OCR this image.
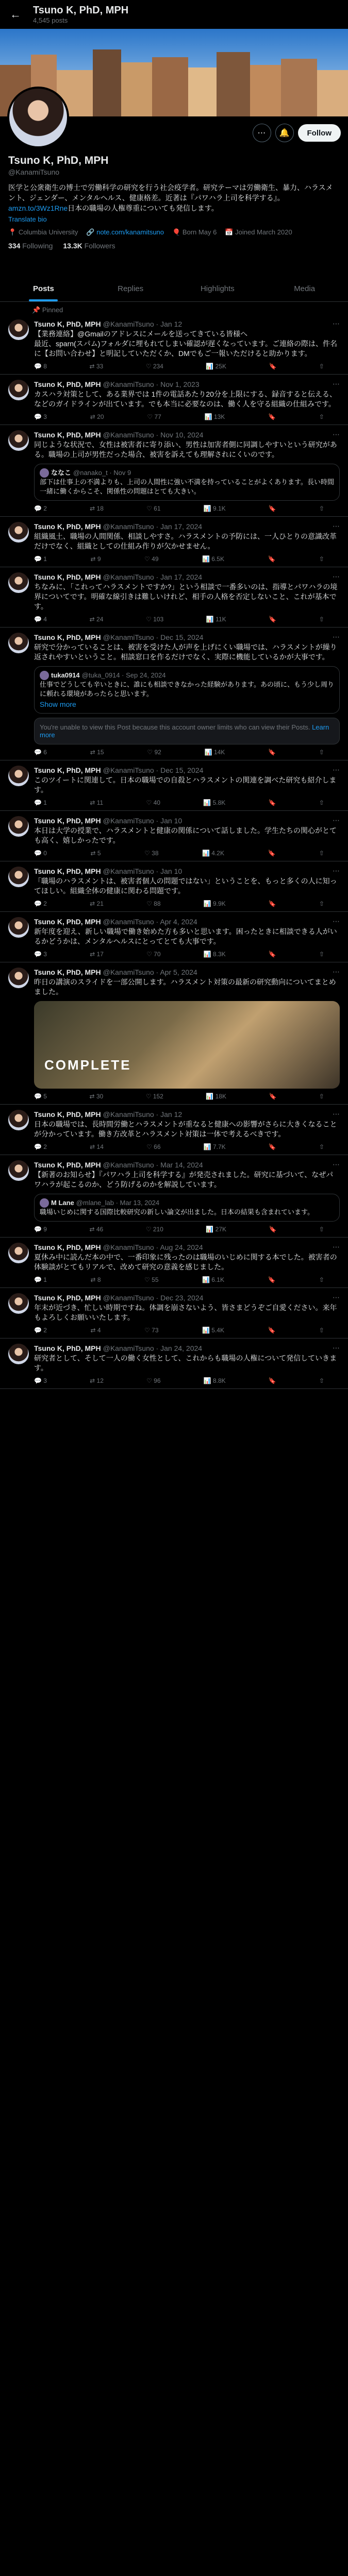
←	Tsuno K, PhD, MPH
4,545 posts
⋯	🔔	Follow
Tsuno K, PhD, MPH
@KanamiTsuno
医学と公衆衛生の博士で労働科学の研究を行う社会疫学者。研究テーマは労働衛生、暴力、ハラスメント、ジェンダー、メンタルヘルス、健康格差。近著は『パワハラ上司を科学する』。amzn.to/3Wz1Rne日本の職場の人権尊重についても発信します。
Translate bio
📍 Columbia University 🔗 note.com/kanamitsuno 🎈 Born May 6 📅 Joined March 2020
334 Following 13.3K Followers
Posts	Replies	Highlights	Media
📌 Pinned
Tsuno K, PhD, MPH @KanamiTsuno · Jan 12	⋯
【業務連絡】@Gmailのアドレスにメールを送ってきている皆様へ
最近、sparn(スパム)フォルダに埋もれてしまい確認が遅くなっています。ご連絡の際は、件名に【お問い合わせ】と明記していただくか、DMでもご一報いただけると助かります。
💬 8	⇄ 33	♡ 234	📊 25K	🔖	⇧
Tsuno K, PhD, MPH @KanamiTsuno · Nov 1, 2023	⋯
カスハラ対策として、ある業界では 1件の電話あたり20分を上限にする、録音すると伝える、などのガイドラインが出ています。でも本当に必要なのは、働く人を守る組織の仕組みです。
💬 3	⇄ 20	♡ 77	📊 13K	🔖	⇧
Tsuno K, PhD, MPH @KanamiTsuno · Nov 10, 2024	⋯
同じような状況で、女性は被害者に寄り添い、男性は加害者側に同調しやすいという研究がある。職場の上司が男性だった場合、被害を訴えても理解されにくいのです。
ななこ @nanako_t · Nov 9
部下は仕事上の不満よりも、上司の人間性に強い不満を持っていることがよくあります。長い時間一緒に働くからこそ、関係性の問題はとても大きい。
💬 2	⇄ 18	♡ 61	📊 9.1K	🔖	⇧
Tsuno K, PhD, MPH @KanamiTsuno · Jan 17, 2024	⋯
組織風土、職場の人間関係、相談しやすさ。ハラスメントの予防には、一人ひとりの意識改革だけでなく、組織としての仕組み作りが欠かせません。
💬 1	⇄ 9	♡ 49	📊 6.5K	🔖	⇧
Tsuno K, PhD, MPH @KanamiTsuno · Jan 17, 2024	⋯
ちなみに、「これってハラスメントですか?」という相談で一番多いのは、指導とパワハラの境界についてです。明確な線引きは難しいけれど、相手の人格を否定しないこと、これが基本です。
💬 4	⇄ 24	♡ 103	📊 11K	🔖	⇧
Tsuno K, PhD, MPH @KanamiTsuno · Dec 15, 2024	⋯
研究で分かっていることは、被害を受けた人が声を上げにくい職場では、ハラスメントが繰り返されやすいということ。相談窓口を作るだけでなく、実際に機能しているかが大事です。
tuka0914 @tuka_0914 · Sep 24, 2024
仕事でどうしても辛いときに、誰にも相談できなかった経験があります。あの頃に、もう少し周りに頼れる環境があったらと思います。
Show more
You're unable to view this Post because this account owner limits who can view their Posts. Learn more
💬 6	⇄ 15	♡ 92	📊 14K	🔖	⇧
Tsuno K, PhD, MPH @KanamiTsuno · Dec 15, 2024	⋯
このツイートに関連して。日本の職場での自殺とハラスメントの関連を調べた研究も紹介します。
💬 1	⇄ 11	♡ 40	📊 5.8K	🔖	⇧
Tsuno K, PhD, MPH @KanamiTsuno · Jan 10	⋯
本日は大学の授業で、ハラスメントと健康の関係について話しました。学生たちの関心がとても高く、嬉しかったです。
💬 0	⇄ 5	♡ 38	📊 4.2K	🔖	⇧
Tsuno K, PhD, MPH @KanamiTsuno · Jan 10	⋯
「職場のハラスメントは、被害者個人の問題ではない」ということを、もっと多くの人に知ってほしい。組織全体の健康に関わる問題です。
💬 2	⇄ 21	♡ 88	📊 9.9K	🔖	⇧
Tsuno K, PhD, MPH @KanamiTsuno · Apr 4, 2024	⋯
新年度を迎え、新しい職場で働き始めた方も多いと思います。困ったときに相談できる人がいるかどうかは、メンタルヘルスにとってとても大事です。
💬 3	⇄ 17	♡ 70	📊 8.3K	🔖	⇧
Tsuno K, PhD, MPH @KanamiTsuno · Apr 5, 2024	⋯
昨日の講演のスライドを一部公開します。ハラスメント対策の最新の研究動向についてまとめました。
COMPLETE
💬 5	⇄ 30	♡ 152	📊 18K	🔖	⇧
Tsuno K, PhD, MPH @KanamiTsuno · Jan 12	⋯
日本の職場では、長時間労働とハラスメントが重なると健康への影響がさらに大きくなることが分かっています。働き方改革とハラスメント対策は一体で考えるべきです。
💬 2	⇄ 14	♡ 66	📊 7.7K	🔖	⇧
Tsuno K, PhD, MPH @KanamiTsuno · Mar 14, 2024	⋯
【新著のお知らせ】『パワハラ上司を科学する』が発売されました。研究に基づいて、なぜパワハラが起こるのか、どう防げるのかを解説しています。
M Lane @mlane_lab · Mar 13, 2024
職場いじめに関する国際比較研究の新しい論文が出ました。日本の結果も含まれています。
💬 9	⇄ 46	♡ 210	📊 27K	🔖	⇧
Tsuno K, PhD, MPH @KanamiTsuno · Aug 24, 2024	⋯
夏休み中に読んだ本の中で、一番印象に残ったのは職場のいじめに関する本でした。被害者の体験談がとてもリアルで、改めて研究の意義を感じました。
💬 1	⇄ 8	♡ 55	📊 6.1K	🔖	⇧
Tsuno K, PhD, MPH @KanamiTsuno · Dec 23, 2024	⋯
年末が近づき、忙しい時期ですね。体調を崩さないよう、皆さまどうぞご自愛ください。来年もよろしくお願いいたします。
💬 2	⇄ 4	♡ 73	📊 5.4K	🔖	⇧
Tsuno K, PhD, MPH @KanamiTsuno · Jan 24, 2024	⋯
研究者として、そして一人の働く女性として、これからも職場の人権について発信していきます。
💬 3	⇄ 12	♡ 96	📊 8.8K	🔖	⇧
